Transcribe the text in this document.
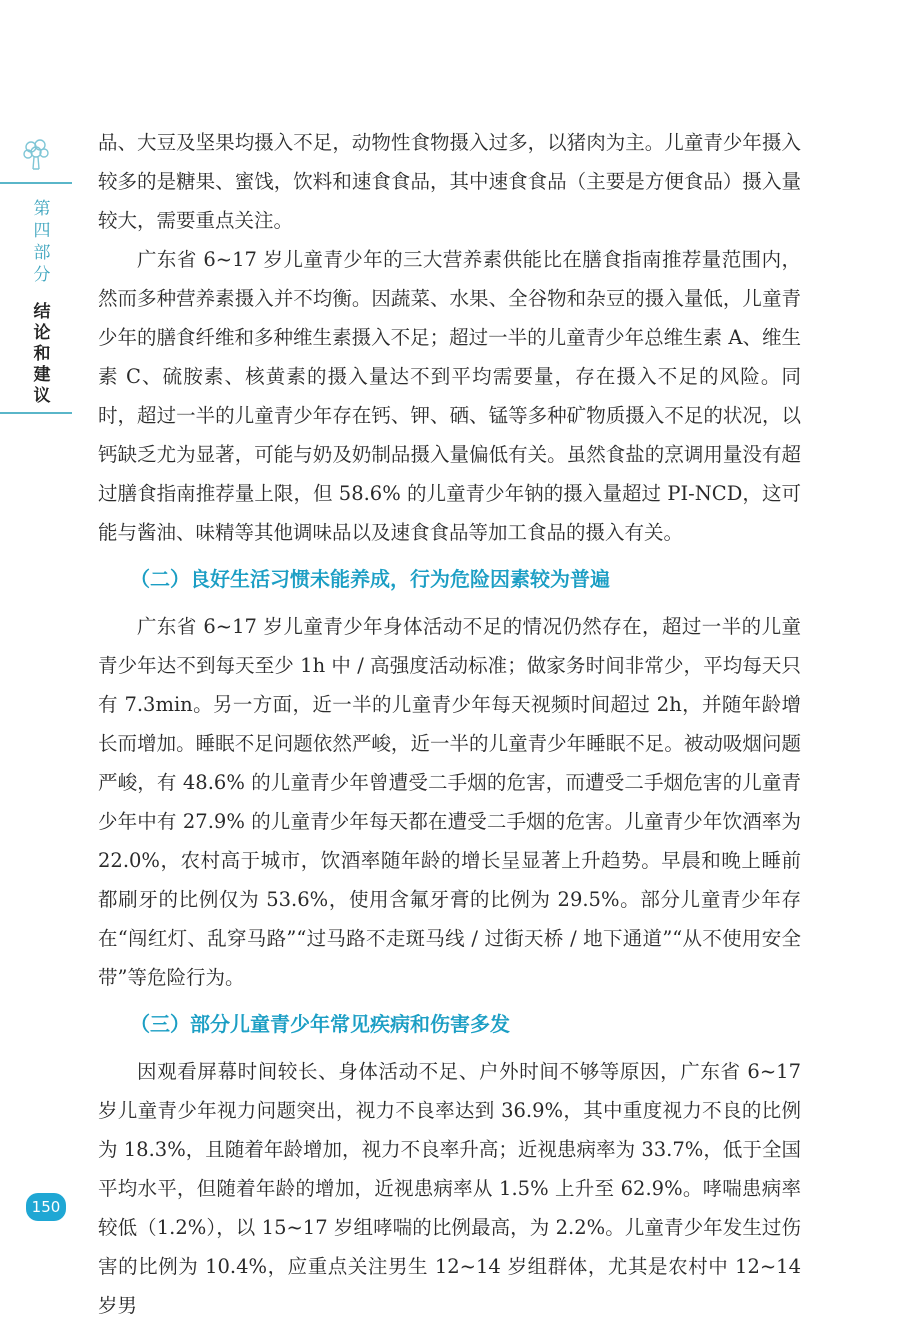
第四部分
结论和建议

品、大豆及坚果均摄入不足，动物性食物摄入过多，以猪肉为主。儿童青少年摄入较多的是糖果、蜜饯，饮料和速食食品，其中速食食品（主要是方便食品）摄入量较大，需要重点关注。

广东省 6~17 岁儿童青少年的三大营养素供能比在膳食指南推荐量范围内，然而多种营养素摄入并不均衡。因蔬菜、水果、全谷物和杂豆的摄入量低，儿童青少年的膳食纤维和多种维生素摄入不足；超过一半的儿童青少年总维生素 A、维生素 C、硫胺素、核黄素的摄入量达不到平均需要量，存在摄入不足的风险。同时，超过一半的儿童青少年存在钙、钾、硒、锰等多种矿物质摄入不足的状况，以钙缺乏尤为显著，可能与奶及奶制品摄入量偏低有关。虽然食盐的烹调用量没有超过膳食指南推荐量上限，但 58.6% 的儿童青少年钠的摄入量超过 PI-NCD，这可能与酱油、味精等其他调味品以及速食食品等加工食品的摄入有关。

（二）良好生活习惯未能养成，行为危险因素较为普遍

广东省 6~17 岁儿童青少年身体活动不足的情况仍然存在，超过一半的儿童青少年达不到每天至少 1h 中 / 高强度活动标准；做家务时间非常少，平均每天只有 7.3min。另一方面，近一半的儿童青少年每天视频时间超过 2h，并随年龄增长而增加。睡眠不足问题依然严峻，近一半的儿童青少年睡眠不足。被动吸烟问题严峻，有 48.6% 的儿童青少年曾遭受二手烟的危害，而遭受二手烟危害的儿童青少年中有 27.9% 的儿童青少年每天都在遭受二手烟的危害。儿童青少年饮酒率为 22.0%，农村高于城市，饮酒率随年龄的增长呈显著上升趋势。早晨和晚上睡前都刷牙的比例仅为 53.6%，使用含氟牙膏的比例为 29.5%。部分儿童青少年存在“闯红灯、乱穿马路”“过马路不走斑马线 / 过街天桥 / 地下通道”“从不使用安全带”等危险行为。

（三）部分儿童青少年常见疾病和伤害多发

因观看屏幕时间较长、身体活动不足、户外时间不够等原因，广东省 6~17 岁儿童青少年视力问题突出，视力不良率达到 36.9%，其中重度视力不良的比例为 18.3%，且随着年龄增加，视力不良率升高；近视患病率为 33.7%，低于全国平均水平，但随着年龄的增加，近视患病率从 1.5% 上升至 62.9%。哮喘患病率较低（1.2%），以 15~17 岁组哮喘的比例最高，为 2.2%。儿童青少年发生过伤害的比例为 10.4%，应重点关注男生 12~14 岁组群体，尤其是农村中 12~14 岁男

150
